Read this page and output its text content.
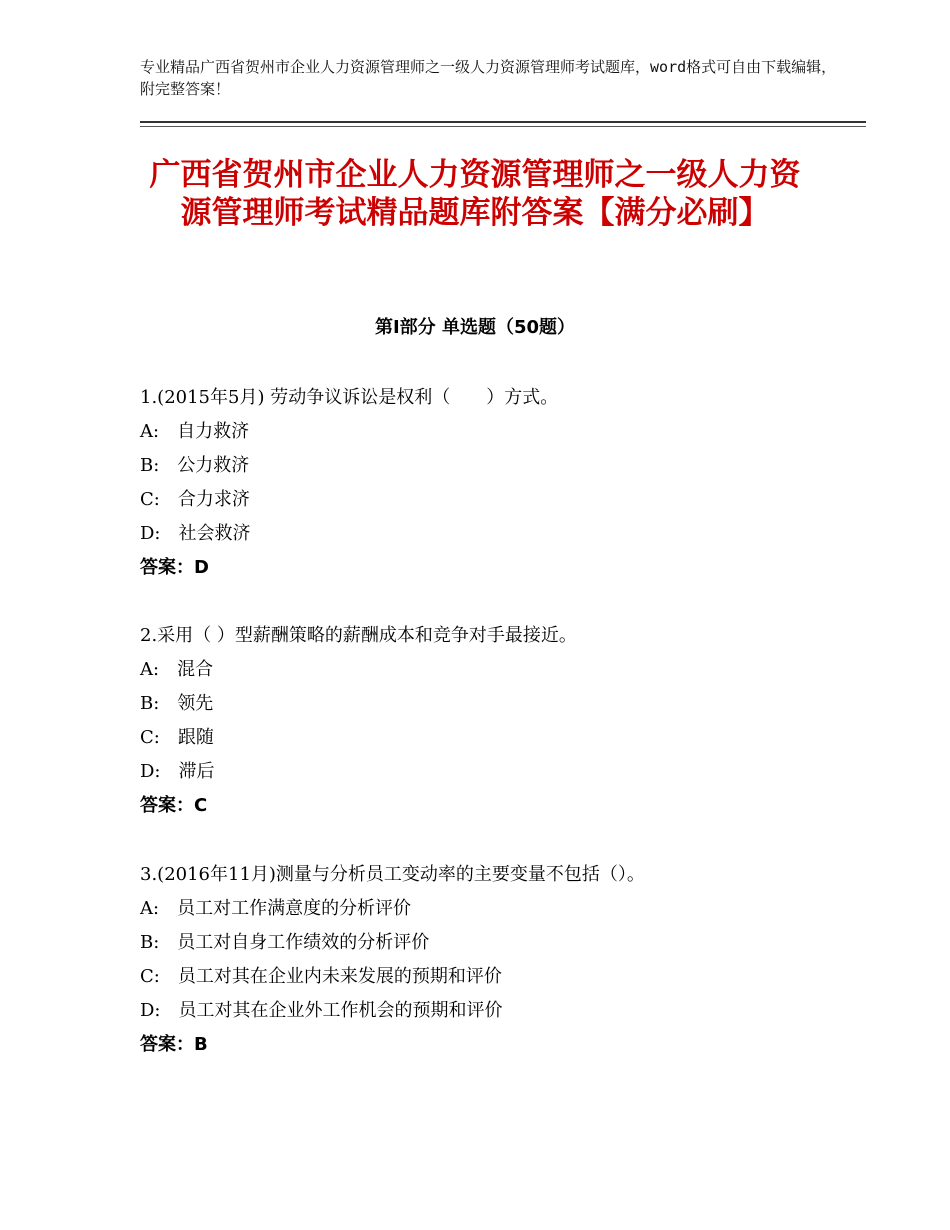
专业精品广西省贺州市企业人力资源管理师之一级人力资源管理师考试题库，word格式可自由下载编辑，附完整答案！
广西省贺州市企业人力资源管理师之一级人力资源管理师考试精品题库附答案【满分必刷】
第Ⅰ部分 单选题（50题）
1.(2015年5月) 劳动争议诉讼是权利（　　）方式。
A:　自力救济
B:　公力救济
C:　合力求济
D:　社会救济
答案：D
2.采用（ ）型薪酬策略的薪酬成本和竞争对手最接近。
A:　混合
B:　领先
C:　跟随
D:　滞后
答案：C
3.(2016年11月)测量与分析员工变动率的主要变量不包括（）。
A:　员工对工作满意度的分析评价
B:　员工对自身工作绩效的分析评价
C:　员工对其在企业内未来发展的预期和评价
D:　员工对其在企业外工作机会的预期和评价
答案：B
